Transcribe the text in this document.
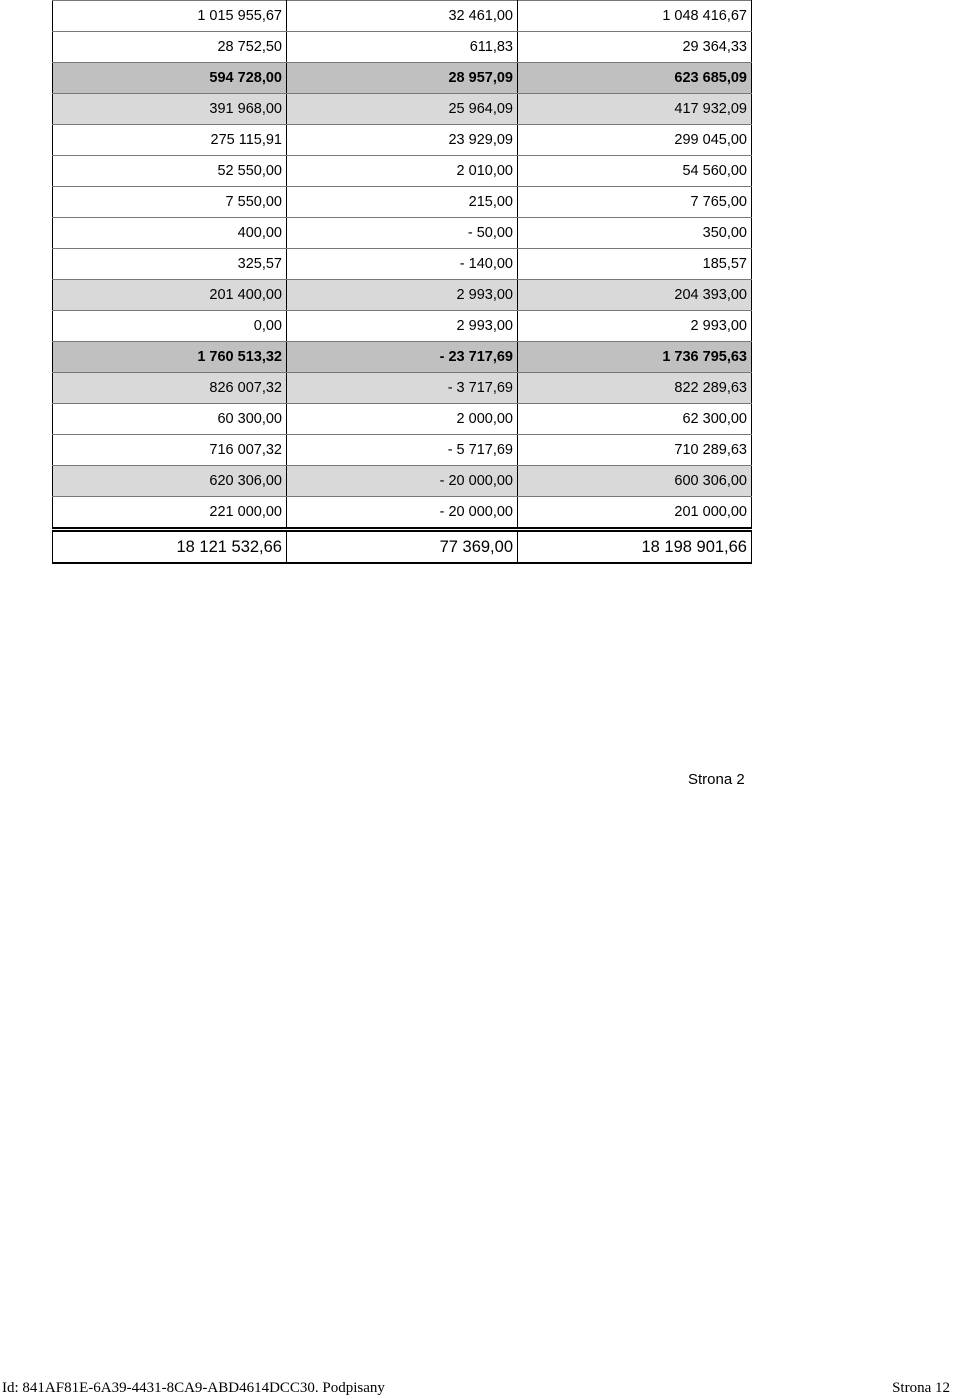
1 015 955,67	32 461,00	1 048 416,67
28 752,50	611,83	29 364,33
594 728,00	28 957,09	623 685,09
391 968,00	25 964,09	417 932,09
275 115,91	23 929,09	299 045,00
52 550,00	2 010,00	54 560,00
7 550,00	215,00	7 765,00
400,00	- 50,00	350,00
325,57	- 140,00	185,57
201 400,00	2 993,00	204 393,00
0,00	2 993,00	2 993,00
1 760 513,32	- 23 717,69	1 736 795,63
826 007,32	- 3 717,69	822 289,63
60 300,00	2 000,00	62 300,00
716 007,32	- 5 717,69	710 289,63
620 306,00	- 20 000,00	600 306,00
221 000,00	- 20 000,00	201 000,00
18 121 532,66	77 369,00	18 198 901,66
Strona 2
Id: 841AF81E-6A39-4431-8CA9-ABD4614DCC30. Podpisany	Strona 12
